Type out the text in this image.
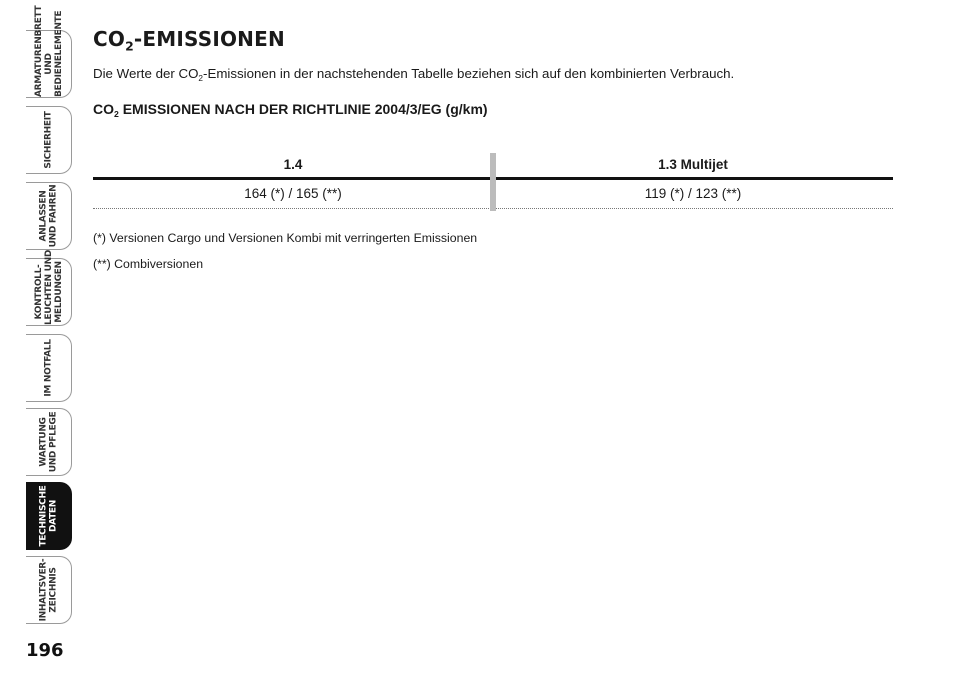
ARMATURENBRETT
UND
BEDIENELEMENTE
SICHERHEIT
ANLASSEN
UND FAHREN
KONTROLL-
LEUCHTEN UND
MELDUNGEN
IM NOTFALL
WARTUNG
UND PFLEGE
TECHNISCHE
DATEN
INHALTSVER-
ZEICHNIS
196
$CO_2$-EMISSIONEN

Die Werte der $CO_2$-Emissionen in der nachstehenden Tabelle beziehen sich auf den kombinierten Verbrauch.

$CO_2$ EMISSIONEN NACH DER RICHTLINIE 2004/3/EG (g/km)
1.4	1.3 Multijet
164 (*) / 165 (**)	119 (*) / 123 (**)

(*) Versionen Cargo und Versionen Kombi mit verringerten Emissionen

(**) Combiversionen
